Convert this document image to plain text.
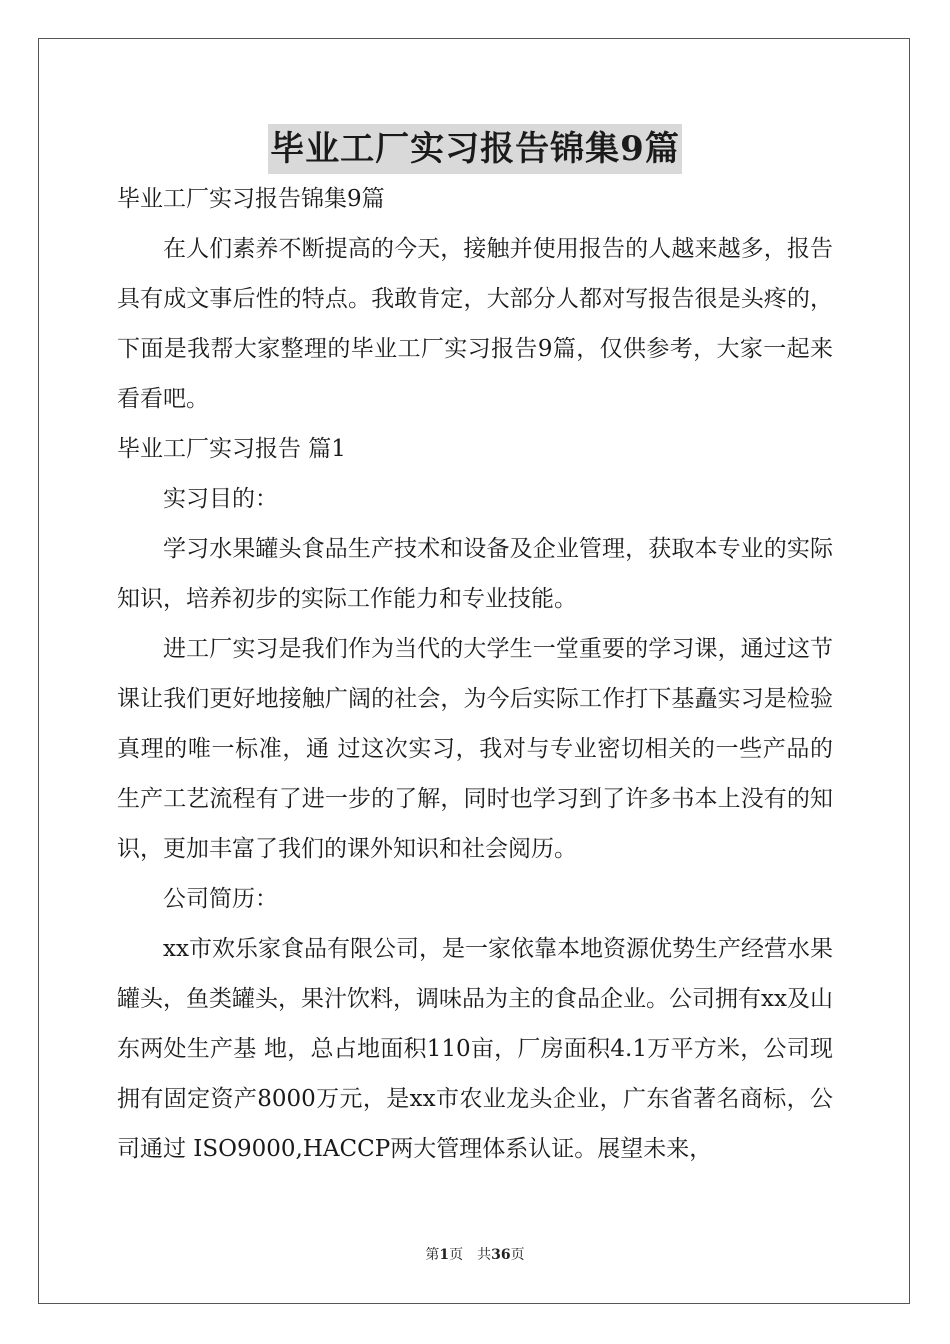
毕业工厂实习报告锦集9篇

毕业工厂实习报告锦集9篇

在人们素养不断提高的今天，接触并使用报告的人越来越多，报告具有成文事后性的特点。我敢肯定，大部分人都对写报告很是头疼的，下面是我帮大家整理的毕业工厂实习报告9篇，仅供参考，大家一起来看看吧。

毕业工厂实习报告 篇1

实习目的：

学习水果罐头食品生产技术和设备及企业管理，获取本专业的实际知识，培养初步的实际工作能力和专业技能。

进工厂实习是我们作为当代的大学生一堂重要的学习课，通过这节课让我们更好地接触广阔的社会，为今后实际工作打下基矗实习是检验真理的唯一标准，通 过这次实习，我对与专业密切相关的一些产品的生产工艺流程有了进一步的了解，同时也学习到了许多书本上没有的知识，更加丰富了我们的课外知识和社会阅历。

公司简历：

xx市欢乐家食品有限公司，是一家依靠本地资源优势生产经营水果罐头，鱼类罐头，果汁饮料，调味品为主的食品企业。公司拥有xx及山东两处生产基 地，总占地面积110亩，厂房面积4.1万平方米，公司现拥有固定资产8000万元，是xx市农业龙头企业，广东省著名商标，公司通过 ISO9000,HACCP两大管理体系认证。展望未来，

第1页　共36页
